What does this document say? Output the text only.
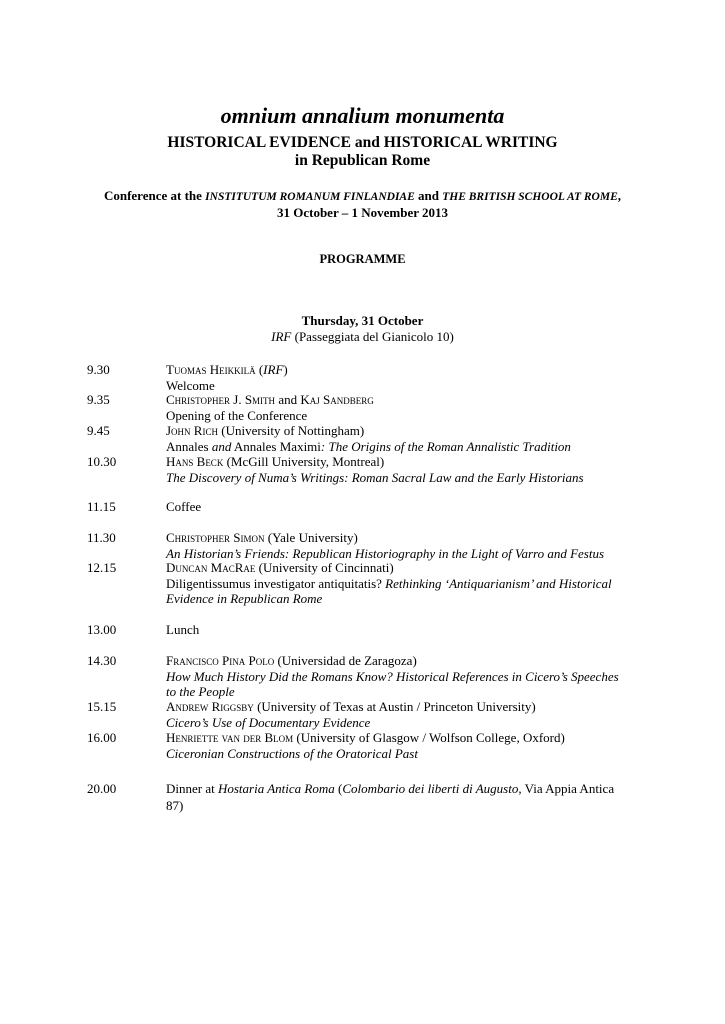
omnium annalium monumenta
HISTORICAL EVIDENCE and HISTORICAL WRITING
in Republican Rome
Conference at the INSTITUTUM ROMANUM FINLANDIAE and THE BRITISH SCHOOL AT ROME,
31 October – 1 November 2013
PROGRAMME
Thursday, 31 October
IRF (Passeggiata del Gianicolo 10)
9.30	Tuomas Heikkilä (IRF)
Welcome
9.35	Christopher J. Smith and Kaj Sandberg
Opening of the Conference
9.45	John Rich (University of Nottingham)
Annales and Annales Maximi: The Origins of the Roman Annalistic Tradition
10.30	Hans Beck (McGill University, Montreal)
The Discovery of Numa’s Writings: Roman Sacral Law and the Early Historians
11.15	Coffee
11.30	Christopher Simon (Yale University)
An Historian’s Friends: Republican Historiography in the Light of Varro and Festus
12.15	Duncan MacRae (University of Cincinnati)
Diligentissumus investigator antiquitatis? Rethinking ‘Antiquarianism’ and Historical
Evidence in Republican Rome
13.00	Lunch
14.30	Francisco Pina Polo (Universidad de Zaragoza)
How Much History Did the Romans Know? Historical References in Cicero’s Speeches
to the People
15.15	Andrew Riggsby (University of Texas at Austin / Princeton University)
Cicero’s Use of Documentary Evidence
16.00	Henriette van der Blom (University of Glasgow / Wolfson College, Oxford)
Ciceronian Constructions of the Oratorical Past
20.00	Dinner at Hostaria Antica Roma (Colombario dei liberti di Augusto, Via Appia Antica
87)
